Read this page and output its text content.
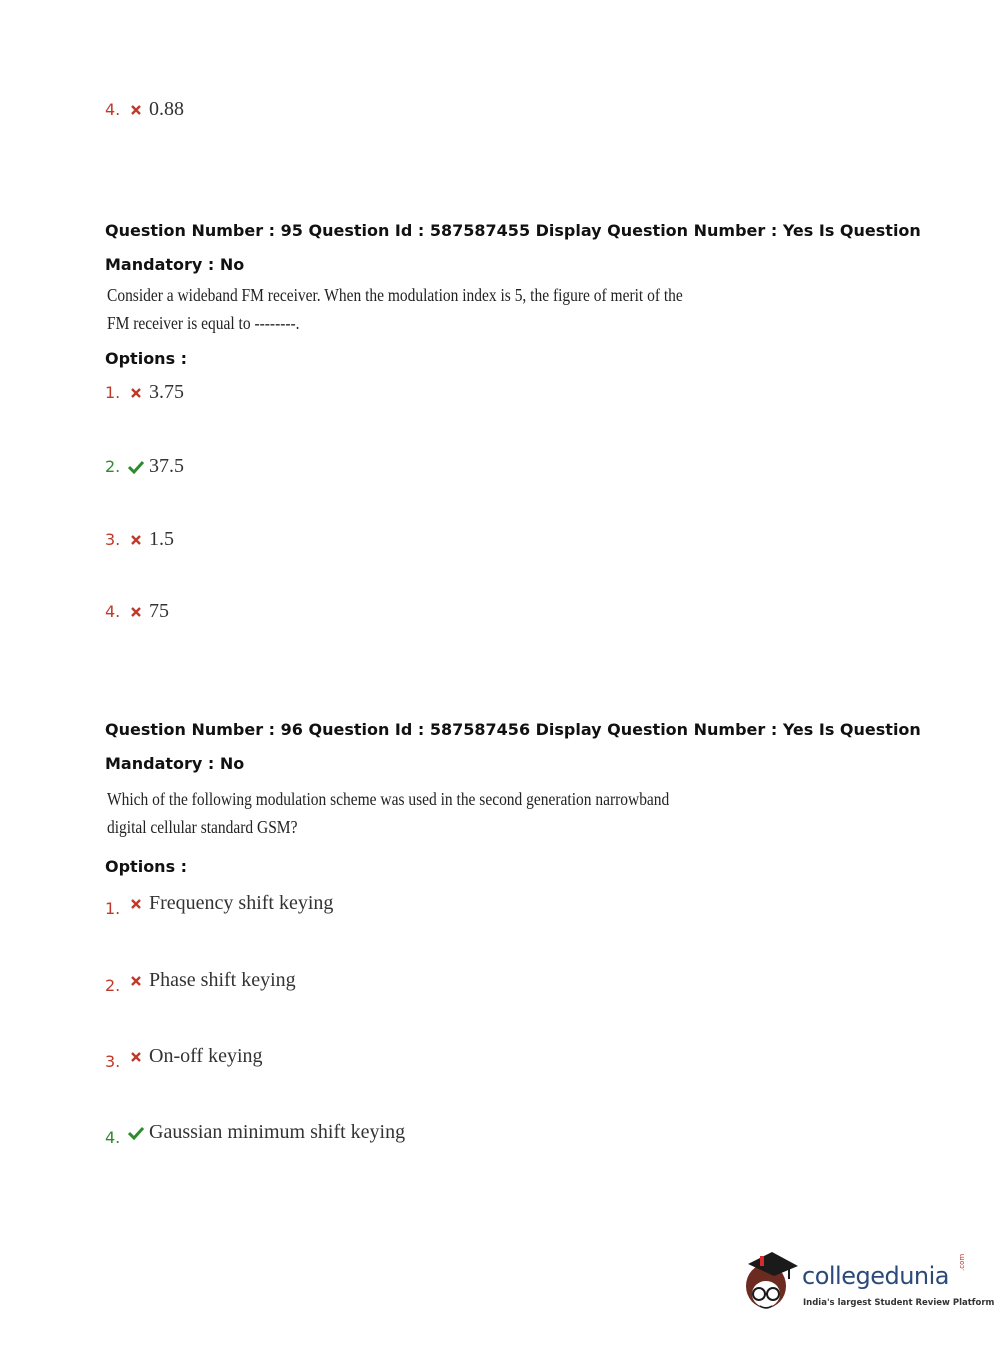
4.	0.88
Question Number : 95 Question Id : 587587455 Display Question Number : Yes Is Question
Mandatory : No
Consider a wideband FM receiver. When the modulation index is 5, the figure of merit of the
FM receiver is equal to --------.
Options :
1.	3.75
2.	37.5
3.	1.5
4.	75
Question Number : 96 Question Id : 587587456 Display Question Number : Yes Is Question
Mandatory : No
Which of the following modulation scheme was used in the second generation narrowband
digital cellular standard GSM?
Options :
1.	Frequency shift keying
2.	Phase shift keying
3.	On-off keying
4.	Gaussian minimum shift keying
collegedunia .com
India's largest Student Review Platform
